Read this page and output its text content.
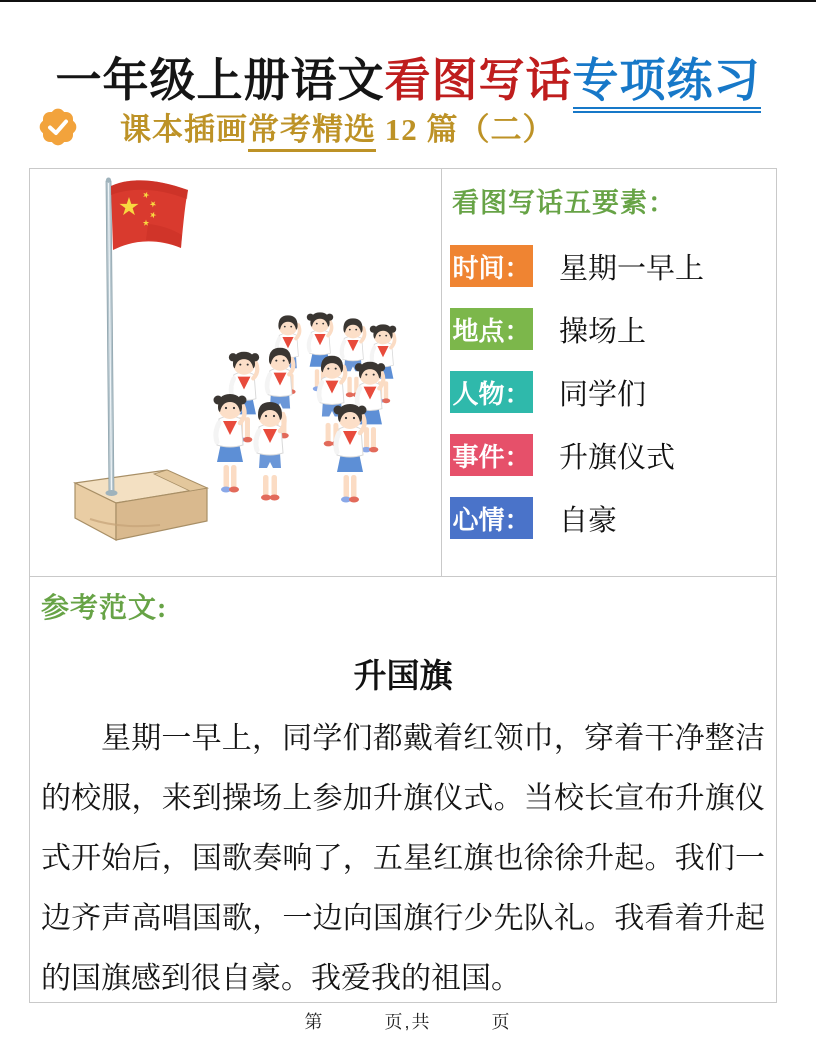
一年级上册语文看图写话专项练习
课本插画常考精选 12 篇（二）
看图写话五要素：
时间： 星期一早上
地点： 操场上
人物： 同学们
事件： 升旗仪式
心情： 自豪
参考范文:
升国旗
星期一早上，同学们都戴着红领巾，穿着干净整洁
的校服，来到操场上参加升旗仪式。当校长宣布升旗仪
式开始后，国歌奏响了，五星红旗也徐徐升起。我们一
边齐声高唱国歌，一边向国旗行少先队礼。我看着升起
的国旗感到很自豪。我爱我的祖国。
第　　　页,共　　　页
